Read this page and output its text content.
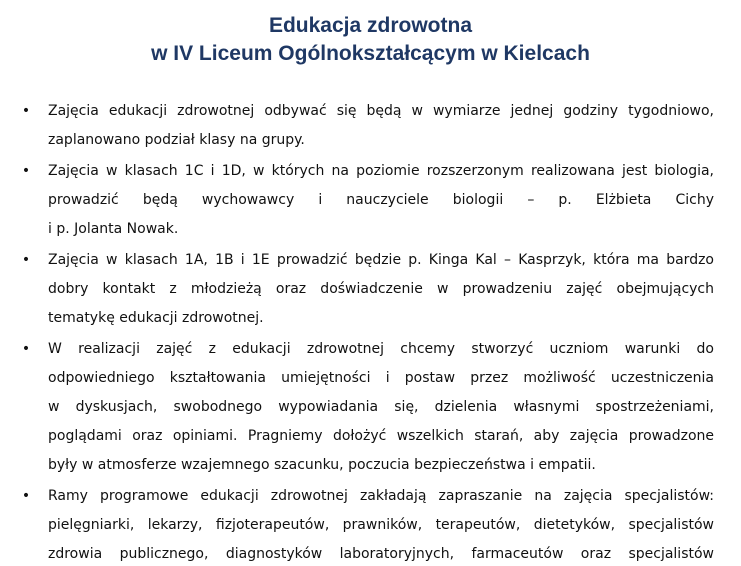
Edukacja zdrowotna
w IV Liceum Ogólnokształcącym w Kielcach
• Zajęcia edukacji zdrowotnej odbywać się będą w wymiarze jednej godziny tygodniowo,
zaplanowano podział klasy na grupy.
• Zajęcia w klasach 1C i 1D, w których na poziomie rozszerzonym realizowana jest biologia,
prowadzić będą wychowawcy i nauczyciele biologii – p. Elżbieta Cichy
i p. Jolanta Nowak.
• Zajęcia w klasach 1A, 1B i 1E prowadzić będzie p. Kinga Kal – Kasprzyk, która ma bardzo
dobry kontakt z młodzieżą oraz doświadczenie w prowadzeniu zajęć obejmujących
tematykę edukacji zdrowotnej.
• W realizacji zajęć z edukacji zdrowotnej chcemy stworzyć uczniom warunki do
odpowiedniego kształtowania umiejętności i postaw przez możliwość uczestniczenia
w dyskusjach, swobodnego wypowiadania się, dzielenia własnymi spostrzeżeniami,
poglądami oraz opiniami. Pragniemy dołożyć wszelkich starań, aby zajęcia prowadzone
były w atmosferze wzajemnego szacunku, poczucia bezpieczeństwa i empatii.
• Ramy programowe edukacji zdrowotnej zakładają zapraszanie na zajęcia specjalistów:
pielęgniarki, lekarzy, fizjoterapeutów, prawników, terapeutów, dietetyków, specjalistów
zdrowia publicznego, diagnostyków laboratoryjnych, farmaceutów oraz specjalistów
